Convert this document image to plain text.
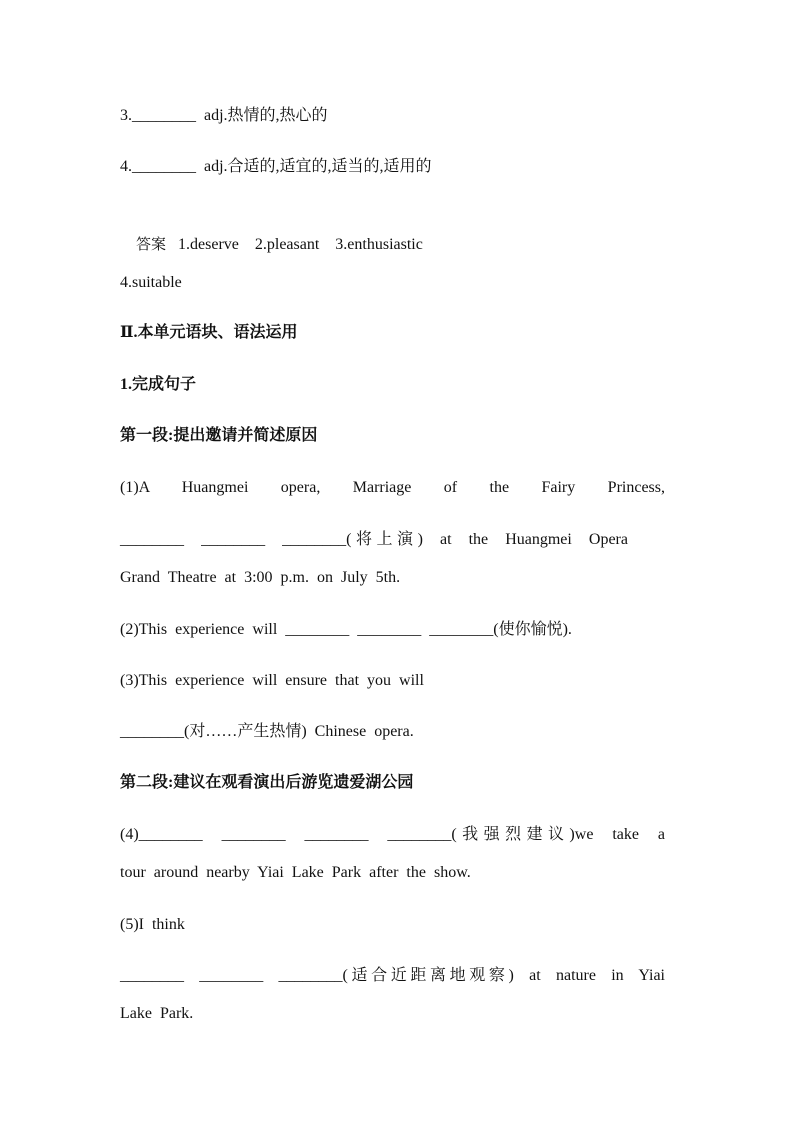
3.________  adj.热情的,热心的
4.________  adj.合适的,适宜的,适当的,适用的

答案 1.deserve    2.pleasant    3.enthusiastic

4.suitable
Ⅱ.本单元语块、语法运用
1.完成句子
第一段:提出邀请并简述原因
(1)A  Huangmei  opera,  Marriage  of  the  Fairy  Princess,
________  ________  ________(将上演)  at  the  Huangmei  Opera
Grand  Theatre  at  3:00  p.m.  on  July  5th.
(2)This  experience  will  ________  ________  ________(使你愉悦).
(3)This  experience  will  ensure  that  you  will
________(对……产生热情)  Chinese  opera.
第二段:建议在观看演出后游览遗爱湖公园
(4)________  ________  ________  ________(我强烈建议)we  take  a
tour  around  nearby  Yiai  Lake  Park  after  the  show.
(5)I  think
________  ________  ________(适合近距离地观察)  at  nature  in  Yiai
Lake  Park.
